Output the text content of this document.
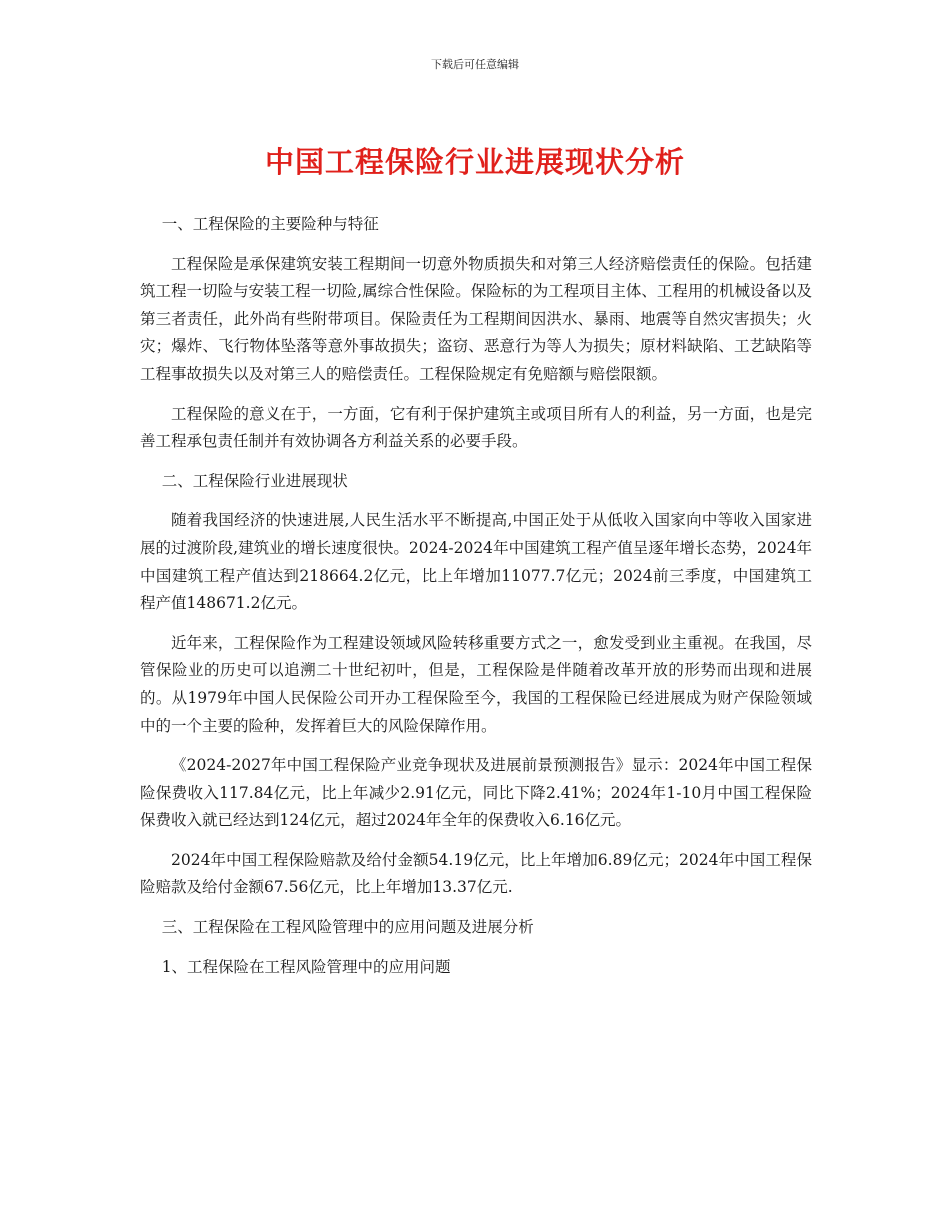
下载后可任意编辑
中国工程保险行业进展现状分析

一、工程保险的主要险种与特征

工程保险是承保建筑安装工程期间一切意外物质损失和对第三人经济赔偿责任的保险。包括建筑工程一切险与安装工程一切险,属综合性保险。保险标的为工程项目主体、工程用的机械设备以及第三者责任，此外尚有些附带项目。保险责任为工程期间因洪水、暴雨、地震等自然灾害损失；火灾；爆炸、飞行物体坠落等意外事故损失；盗窃、恶意行为等人为损失；原材料缺陷、工艺缺陷等工程事故损失以及对第三人的赔偿责任。工程保险规定有免赔额与赔偿限额。

工程保险的意义在于，一方面，它有利于保护建筑主或项目所有人的利益，另一方面，也是完善工程承包责任制并有效协调各方利益关系的必要手段。

二、工程保险行业进展现状

随着我国经济的快速进展,人民生活水平不断提高,中国正处于从低收入国家向中等收入国家进展的过渡阶段,建筑业的增长速度很快。2024-2024年中国建筑工程产值呈逐年增长态势，2024年中国建筑工程产值达到218664.2亿元，比上年增加11077.7亿元；2024前三季度，中国建筑工程产值148671.2亿元。

近年来，工程保险作为工程建设领域风险转移重要方式之一，愈发受到业主重视。在我国，尽管保险业的历史可以追溯二十世纪初叶，但是，工程保险是伴随着改革开放的形势而出现和进展的。从1979年中国人民保险公司开办工程保险至今，我国的工程保险已经进展成为财产保险领域中的一个主要的险种，发挥着巨大的风险保障作用。

《2024-2027年中国工程保险产业竞争现状及进展前景预测报告》显示：2024年中国工程保险保费收入117.84亿元，比上年减少2.91亿元，同比下降2.41%；2024年1-10月中国工程保险保费收入就已经达到124亿元，超过2024年全年的保费收入6.16亿元。

2024年中国工程保险赔款及给付金额54.19亿元，比上年增加6.89亿元；2024年中国工程保险赔款及给付金额67.56亿元，比上年增加13.37亿元.

三、工程保险在工程风险管理中的应用问题及进展分析

1、工程保险在工程风险管理中的应用问题
